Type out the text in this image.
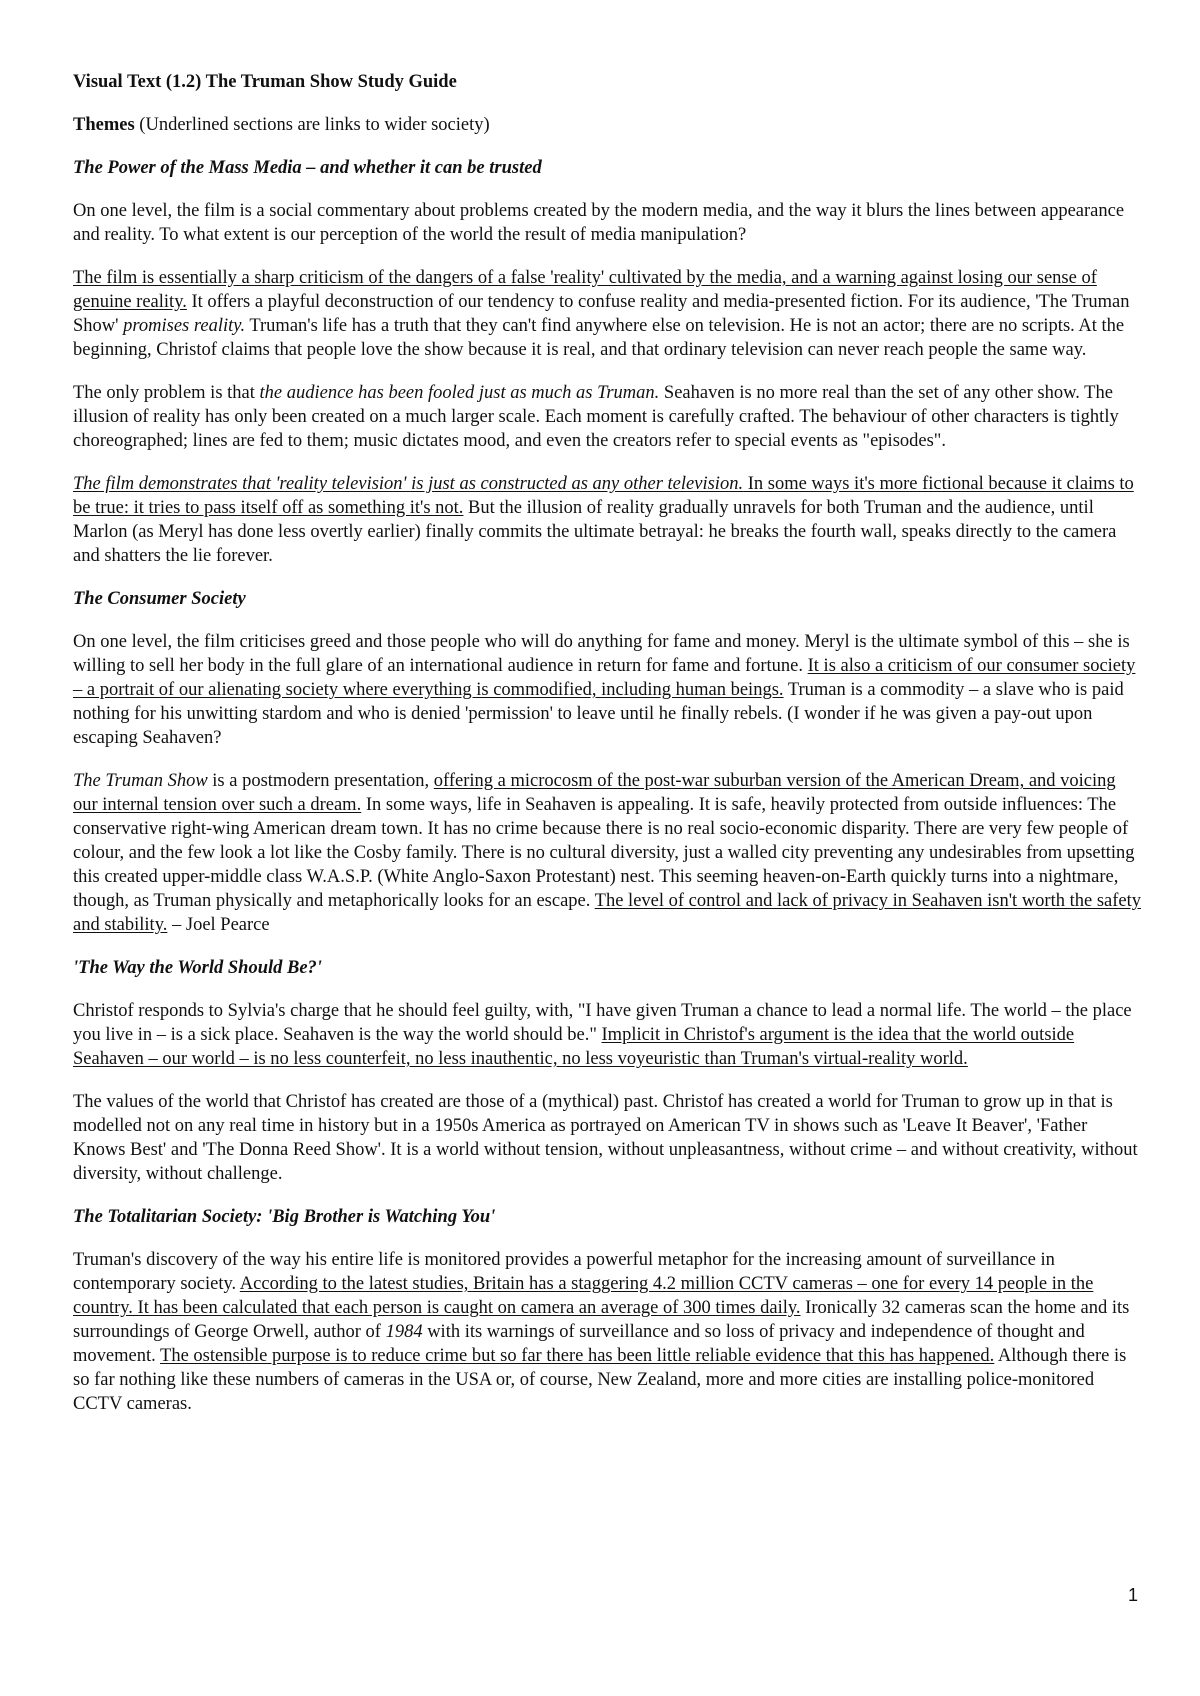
Visual Text (1.2) The Truman Show Study Guide
Themes (Underlined sections are links to wider society)
The Power of the Mass Media – and whether it can be trusted

On one level, the film is a social commentary about problems created by the modern media, and the way it blurs the lines between appearance and reality. To what extent is our perception of the world the result of media manipulation?

The film is essentially a sharp criticism of the dangers of a false 'reality' cultivated by the media, and a warning against losing our sense of genuine reality. It offers a playful deconstruction of our tendency to confuse reality and media-presented fiction. For its audience, 'The Truman Show' promises reality. Truman's life has a truth that they can't find anywhere else on television. He is not an actor; there are no scripts. At the beginning, Christof claims that people love the show because it is real, and that ordinary television can never reach people the same way.

The only problem is that the audience has been fooled just as much as Truman. Seahaven is no more real than the set of any other show. The illusion of reality has only been created on a much larger scale. Each moment is carefully crafted. The behaviour of other characters is tightly choreographed; lines are fed to them; music dictates mood, and even the creators refer to special events as "episodes".

The film demonstrates that 'reality television' is just as constructed as any other television. In some ways it's more fictional because it claims to be true: it tries to pass itself off as something it's not. But the illusion of reality gradually unravels for both Truman and the audience, until Marlon (as Meryl has done less overtly earlier) finally commits the ultimate betrayal: he breaks the fourth wall, speaks directly to the camera and shatters the lie forever.

The Consumer Society

On one level, the film criticises greed and those people who will do anything for fame and money. Meryl is the ultimate symbol of this – she is willing to sell her body in the full glare of an international audience in return for fame and fortune. It is also a criticism of our consumer society – a portrait of our alienating society where everything is commodified, including human beings. Truman is a commodity – a slave who is paid nothing for his unwitting stardom and who is denied 'permission' to leave until he finally rebels. (I wonder if he was given a pay-out upon escaping Seahaven?

The Truman Show is a postmodern presentation, offering a microcosm of the post-war suburban version of the American Dream, and voicing our internal tension over such a dream. In some ways, life in Seahaven is appealing. It is safe, heavily protected from outside influences: The conservative right-wing American dream town. It has no crime because there is no real socio-economic disparity. There are very few people of colour, and the few look a lot like the Cosby family. There is no cultural diversity, just a walled city preventing any undesirables from upsetting this created upper-middle class W.A.S.P. (White Anglo-Saxon Protestant) nest. This seeming heaven-on-Earth quickly turns into a nightmare, though, as Truman physically and metaphorically looks for an escape. The level of control and lack of privacy in Seahaven isn't worth the safety and stability. – Joel Pearce

'The Way the World Should Be?'

Christof responds to Sylvia's charge that he should feel guilty, with, "I have given Truman a chance to lead a normal life. The world – the place you live in – is a sick place. Seahaven is the way the world should be." Implicit in Christof's argument is the idea that the world outside Seahaven – our world – is no less counterfeit, no less inauthentic, no less voyeuristic than Truman's virtual-reality world.

The values of the world that Christof has created are those of a (mythical) past. Christof has created a world for Truman to grow up in that is modelled not on any real time in history but in a 1950s America as portrayed on American TV in shows such as 'Leave It Beaver', 'Father Knows Best' and 'The Donna Reed Show'. It is a world without tension, without unpleasantness, without crime – and without creativity, without diversity, without challenge.

The Totalitarian Society: 'Big Brother is Watching You'

Truman's discovery of the way his entire life is monitored provides a powerful metaphor for the increasing amount of surveillance in contemporary society. According to the latest studies, Britain has a staggering 4.2 million CCTV cameras – one for every 14 people in the country. It has been calculated that each person is caught on camera an average of 300 times daily. Ironically 32 cameras scan the home and its surroundings of George Orwell, author of 1984 with its warnings of surveillance and so loss of privacy and independence of thought and movement. The ostensible purpose is to reduce crime but so far there has been little reliable evidence that this has happened. Although there is so far nothing like these numbers of cameras in the USA or, of course, New Zealand, more and more cities are installing police-monitored CCTV cameras.

1
